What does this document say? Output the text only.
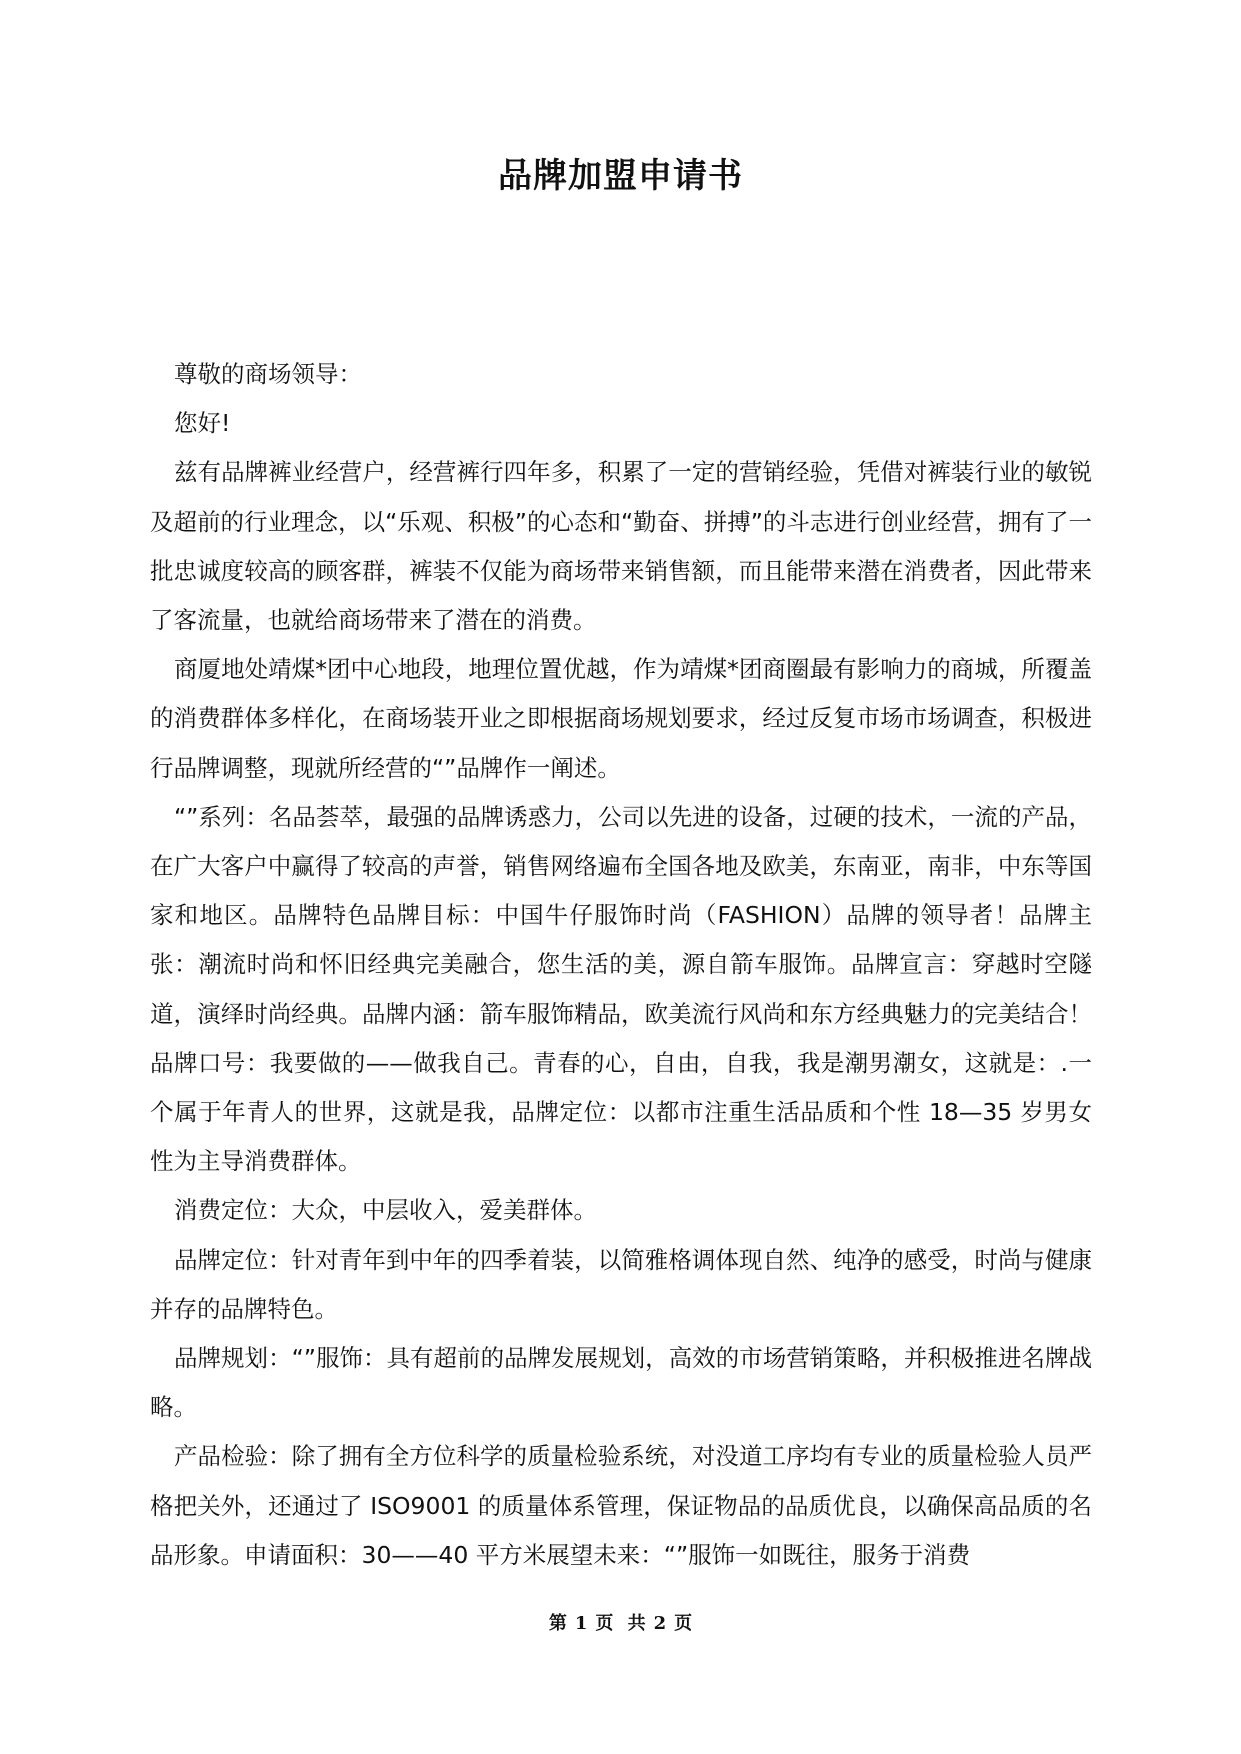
品牌加盟申请书

尊敬的商场领导：

您好!

兹有品牌裤业经营户，经营裤行四年多，积累了一定的营销经验，凭借对裤装行业的敏锐及超前的行业理念，以“乐观、积极”的心态和“勤奋、拼搏”的斗志进行创业经营，拥有了一批忠诚度较高的顾客群，裤装不仅能为商场带来销售额，而且能带来潜在消费者，因此带来了客流量，也就给商场带来了潜在的消费。

商厦地处靖煤*团中心地段，地理位置优越，作为靖煤*团商圈最有影响力的商城，所覆盖的消费群体多样化，在商场装开业之即根据商场规划要求，经过反复市场市场调查，积极进行品牌调整，现就所经营的“”品牌作一阐述。

“”系列：名品荟萃，最强的品牌诱惑力，公司以先进的设备，过硬的技术，一流的产品，在广大客户中赢得了较高的声誉，销售网络遍布全国各地及欧美，东南亚，南非，中东等国家和地区。品牌特色品牌目标：中国牛仔服饰时尚（FASHION）品牌的领导者！品牌主张：潮流时尚和怀旧经典完美融合，您生活的美，源自箭车服饰。品牌宣言：穿越时空隧道，演绎时尚经典。品牌内涵：箭车服饰精品，欧美流行风尚和东方经典魅力的完美结合！品牌口号：我要做的——做我自己。青春的心，自由，自我，我是潮男潮女，这就是：.一个属于年青人的世界，这就是我，品牌定位：以都市注重生活品质和个性 18—35 岁男女性为主导消费群体。

消费定位：大众，中层收入，爱美群体。

品牌定位：针对青年到中年的四季着装，以简雅格调体现自然、纯净的感受，时尚与健康并存的品牌特色。

品牌规划：“”服饰：具有超前的品牌发展规划，高效的市场营销策略，并积极推进名牌战略。

产品检验：除了拥有全方位科学的质量检验系统，对没道工序均有专业的质量检验人员严格把关外，还通过了 ISO9001 的质量体系管理，保证物品的品质优良，以确保高品质的名品形象。申请面积：30——40 平方米展望未来：“”服饰一如既往，服务于消费

第 1 页 共 2 页
